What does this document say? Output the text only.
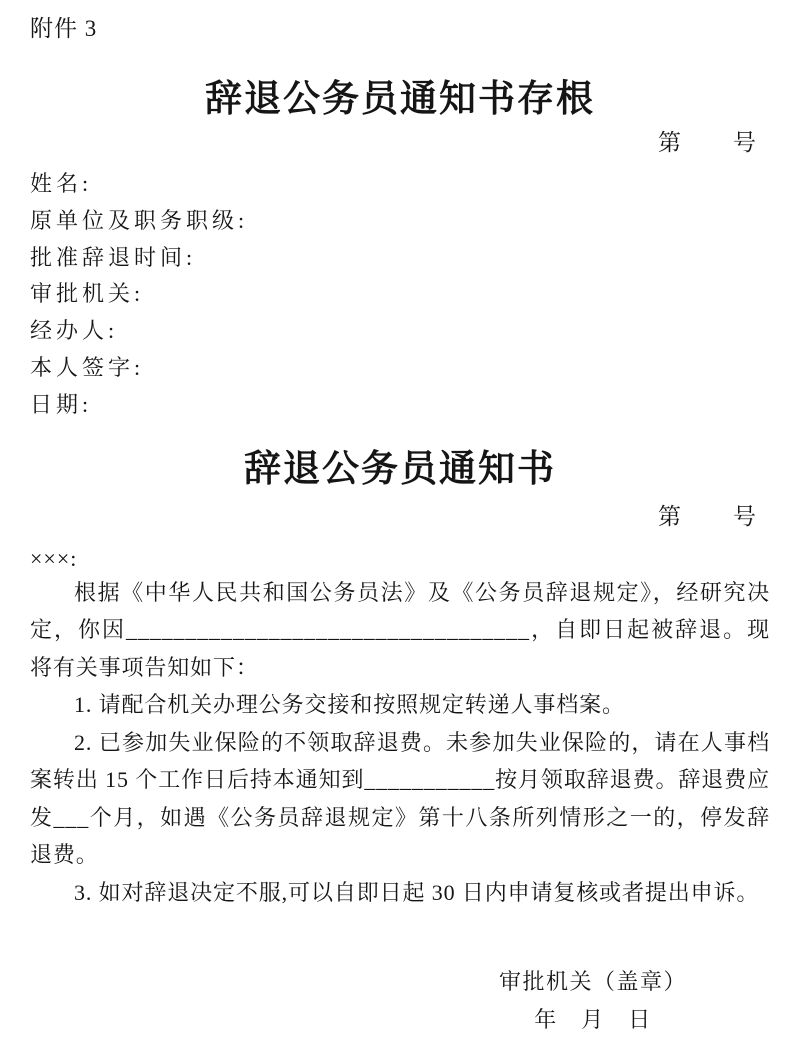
附件 3
辞退公务员通知书存根
第　　号
姓名:
原单位及职务职级:
批准辞退时间:
审批机关:
经办人:
本人签字:
日期:
辞退公务员通知书
第　　号
×××:

根据《中华人民共和国公务员法》及《公务员辞退规定》，经研究决定，你因__________________________________，自即日起被辞退。现将有关事项告知如下：

1. 请配合机关办理公务交接和按照规定转递人事档案。

2. 已参加失业保险的不领取辞退费。未参加失业保险的，请在人事档案转出 15 个工作日后持本通知到___________按月领取辞退费。辞退费应发___个月，如遇《公务员辞退规定》第十八条所列情形之一的，停发辞退费。

3. 如对辞退决定不服,可以自即日起 30 日内申请复核或者提出申诉。

审批机关（盖章）
年　月　日
